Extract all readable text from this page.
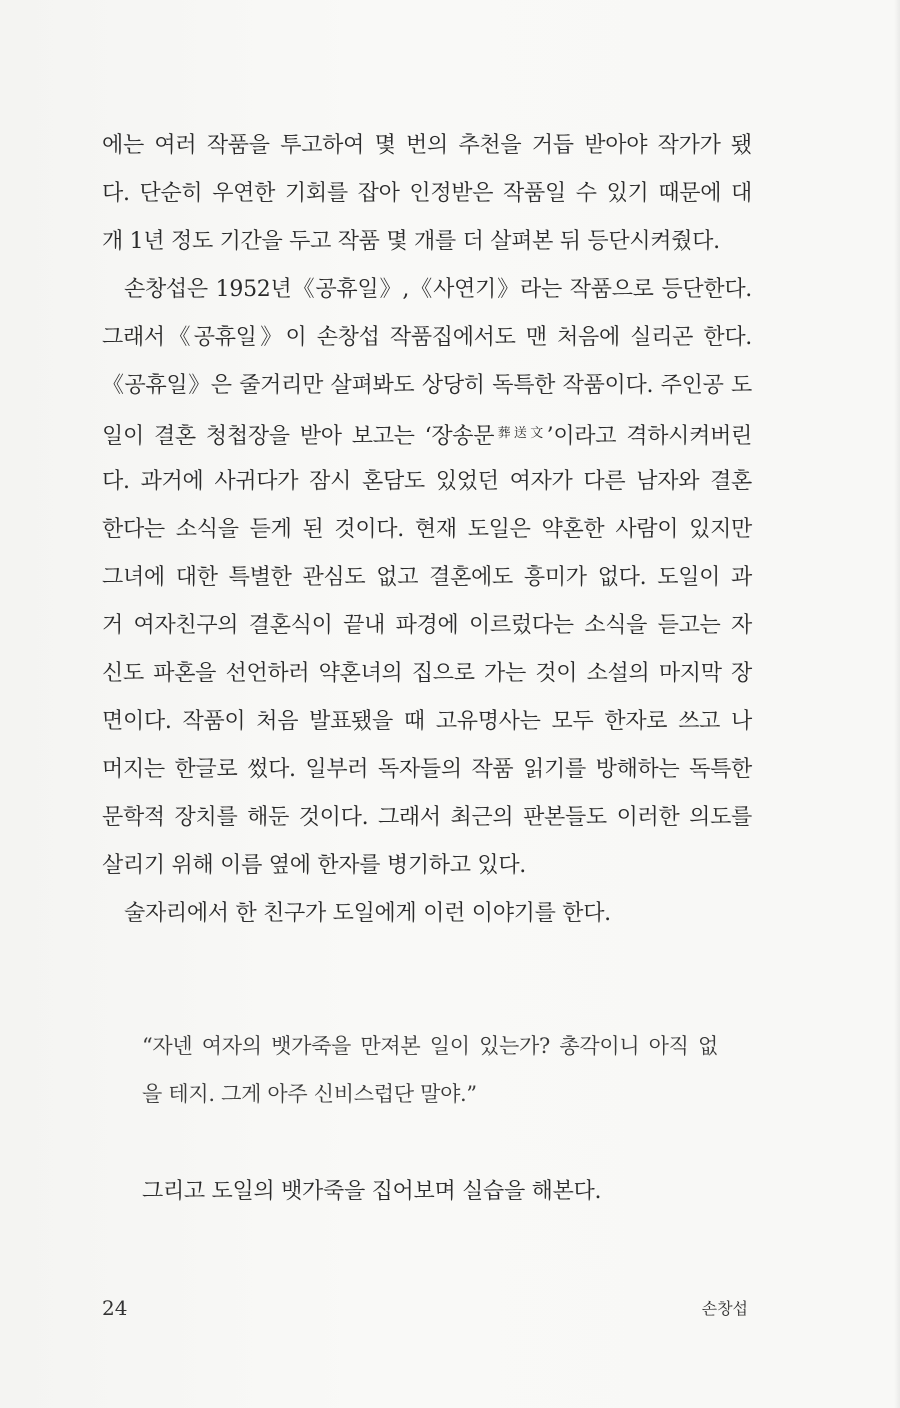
에는 여러 작품을 투고하여 몇 번의 추천을 거듭 받아야 작가가 됐
다. 단순히 우연한 기회를 잡아 인정받은 작품일 수 있기 때문에 대
개 1년 정도 기간을 두고 작품 몇 개를 더 살펴본 뒤 등단시켜줬다.
손창섭은 1952년《공휴일》,《사연기》라는 작품으로 등단한다.
그래서《공휴일》이 손창섭 작품집에서도 맨 처음에 실리곤 한다.
《공휴일》은 줄거리만 살펴봐도 상당히 독특한 작품이다. 주인공 도
일이 결혼 청첩장을 받아 보고는 ‘장송문$^{葬送文}$’이라고 격하시켜버린
다. 과거에 사귀다가 잠시 혼담도 있었던 여자가 다른 남자와 결혼
한다는 소식을 듣게 된 것이다. 현재 도일은 약혼한 사람이 있지만
그녀에 대한 특별한 관심도 없고 결혼에도 흥미가 없다. 도일이 과
거 여자친구의 결혼식이 끝내 파경에 이르렀다는 소식을 듣고는 자
신도 파혼을 선언하러 약혼녀의 집으로 가는 것이 소설의 마지막 장
면이다. 작품이 처음 발표됐을 때 고유명사는 모두 한자로 쓰고 나
머지는 한글로 썼다. 일부러 독자들의 작품 읽기를 방해하는 독특한
문학적 장치를 해둔 것이다. 그래서 최근의 판본들도 이러한 의도를
살리기 위해 이름 옆에 한자를 병기하고 있다.
술자리에서 한 친구가 도일에게 이런 이야기를 한다.
“자넨 여자의 뱃가죽을 만져본 일이 있는가? 총각이니 아직 없
을 테지. 그게 아주 신비스럽단 말야.”
그리고 도일의 뱃가죽을 집어보며 실습을 해본다.
24	손창섭
